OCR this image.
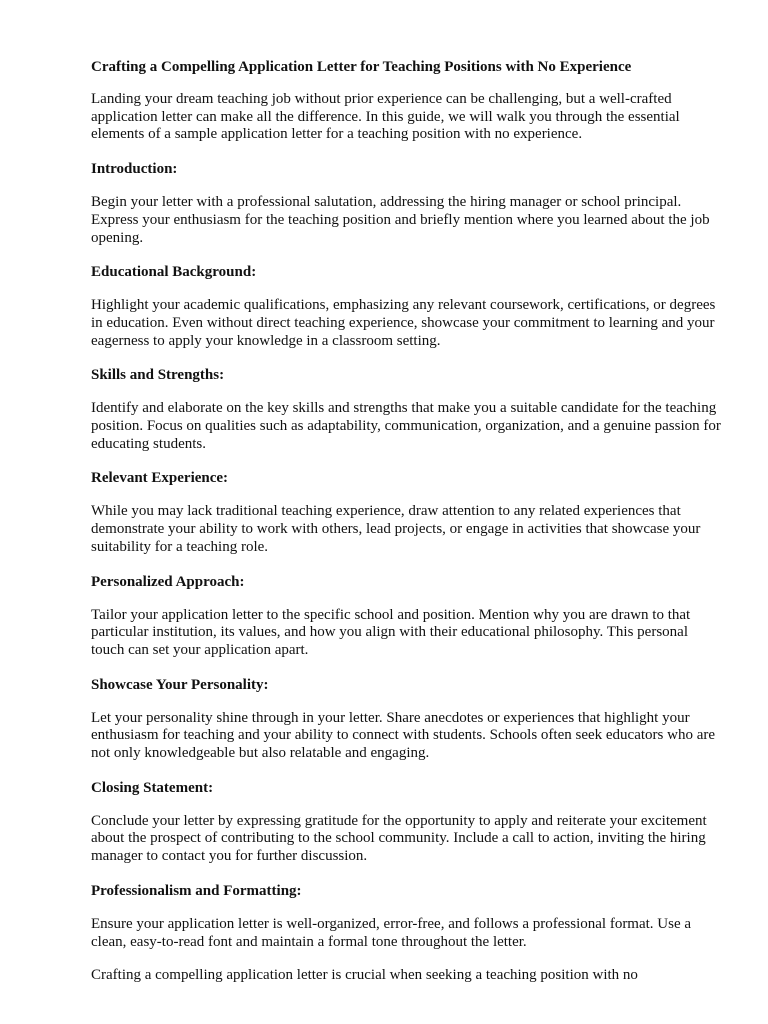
Crafting a Compelling Application Letter for Teaching Positions with No Experience

Landing your dream teaching job without prior experience can be challenging, but a well-crafted application letter can make all the difference. In this guide, we will walk you through the essential elements of a sample application letter for a teaching position with no experience.

Introduction:

Begin your letter with a professional salutation, addressing the hiring manager or school principal. Express your enthusiasm for the teaching position and briefly mention where you learned about the job opening.

Educational Background:

Highlight your academic qualifications, emphasizing any relevant coursework, certifications, or degrees in education. Even without direct teaching experience, showcase your commitment to learning and your eagerness to apply your knowledge in a classroom setting.

Skills and Strengths:

Identify and elaborate on the key skills and strengths that make you a suitable candidate for the teaching position. Focus on qualities such as adaptability, communication, organization, and a genuine passion for educating students.

Relevant Experience:

While you may lack traditional teaching experience, draw attention to any related experiences that demonstrate your ability to work with others, lead projects, or engage in activities that showcase your suitability for a teaching role.

Personalized Approach:

Tailor your application letter to the specific school and position. Mention why you are drawn to that particular institution, its values, and how you align with their educational philosophy. This personal touch can set your application apart.

Showcase Your Personality:

Let your personality shine through in your letter. Share anecdotes or experiences that highlight your enthusiasm for teaching and your ability to connect with students. Schools often seek educators who are not only knowledgeable but also relatable and engaging.

Closing Statement:

Conclude your letter by expressing gratitude for the opportunity to apply and reiterate your excitement about the prospect of contributing to the school community. Include a call to action, inviting the hiring manager to contact you for further discussion.

Professionalism and Formatting:

Ensure your application letter is well-organized, error-free, and follows a professional format. Use a clean, easy-to-read font and maintain a formal tone throughout the letter.

Crafting a compelling application letter is crucial when seeking a teaching position with no
